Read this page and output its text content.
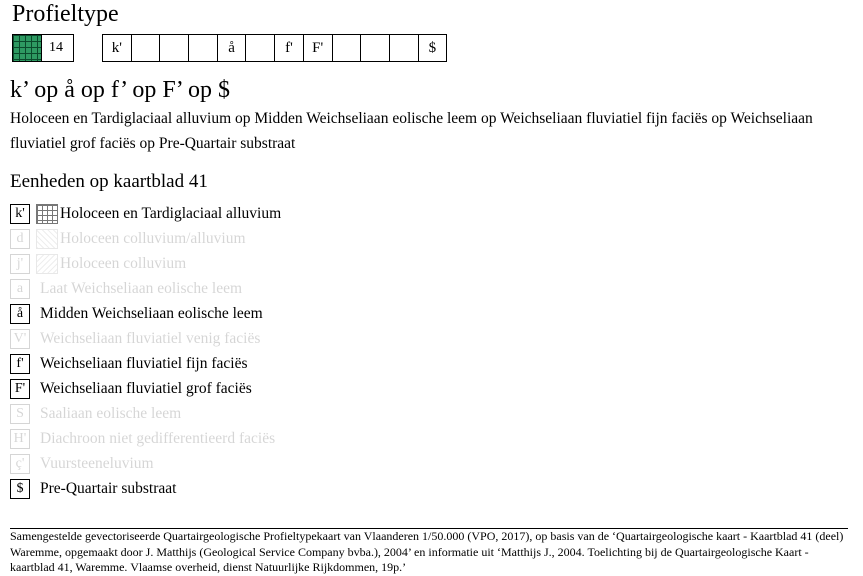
Profieltype
14	k'	å	f'	F'	$
k’ op å op f’ op F’ op $
Holoceen en Tardiglaciaal alluvium op Midden Weichseliaan eolische leem op Weichseliaan fluviatiel fijn faciës op Weichseliaan fluviatiel grof faciës op Pre-Quartair substraat
Eenheden op kaartblad 41
k'	Holoceen en Tardiglaciaal alluvium
d	Holoceen colluvium/alluvium
j'	Holoceen colluvium
a	Laat Weichseliaan eolische leem
å	Midden Weichseliaan eolische leem
V' Weichseliaan fluviatiel venig faciës
f'	Weichseliaan fluviatiel fijn faciës
F' Weichseliaan fluviatiel grof faciës
S	Saaliaan eolische leem
H' Diachroon niet gedifferentieerd faciës
ç'	Vuursteeneluvium
$	Pre-Quartair substraat
Samengestelde gevectoriseerde Quartairgeologische Profieltypekaart van Vlaanderen 1/50.000 (VPO, 2017), op basis van de ‘Quartairgeologische kaart - Kaartblad 41 (deel) Waremme, opgemaakt door J. Matthijs (Geological Service Company bvba.), 2004’ en informatie uit ‘Matthijs J., 2004. Toelichting bij de Quartairgeologische Kaart - kaartblad 41, Waremme. Vlaamse overheid, dienst Natuurlijke Rijkdommen, 19p.’
